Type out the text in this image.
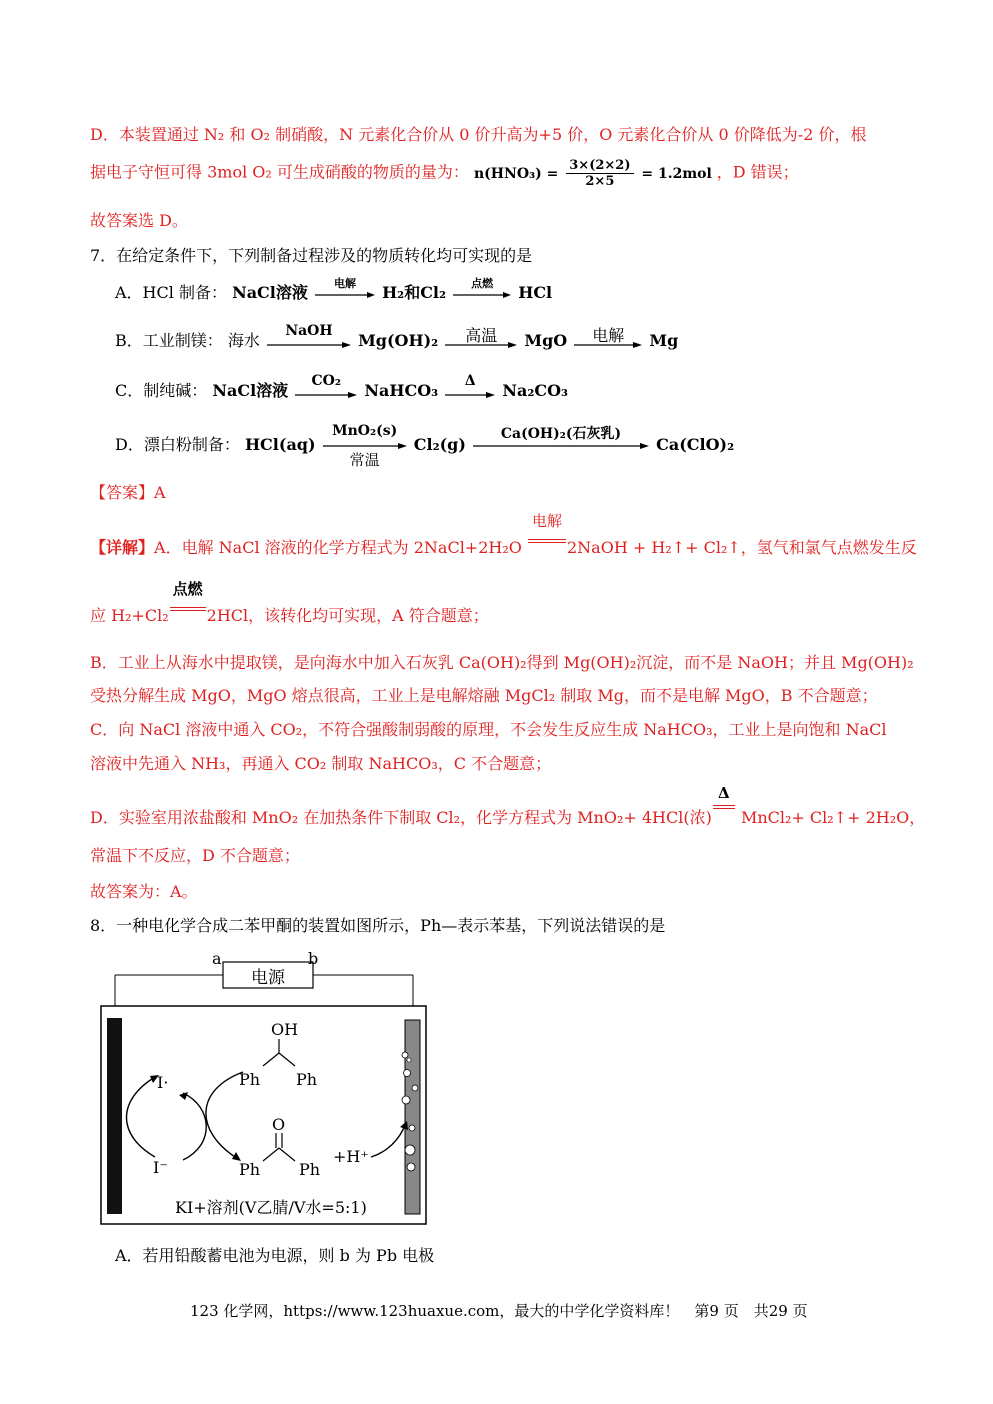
D．本装置通过 N₂ 和 O₂ 制硝酸，N 元素化合价从 0 价升高为+5 价，O 元素化合价从 0 价降低为-2 价，根
据电子守恒可得 3mol O₂ 可生成硝酸的物质的量为： $n(HNO_3) = \frac{3\times(2\times 2)}{2\times 5} = 1.2mol$ ，D 错误；
故答案选 D。
7．在给定条件下，下列制备过程涉及的物质转化均可实现的是
A．HCl 制备： NaCl溶液	电解	H₂和Cl₂	点燃	HCl
B．工业制镁： 海水
NaOH
Mg(OH)₂	高温	MgO	电解	Mg
C．制纯碱： NaCl溶液
CO₂
NaHCO₃
Δ
Na₂CO₃
D．漂白粉制备： HCl(aq)
MnO₂(s)
常温
Cl₂(g)
Ca(OH)₂(石灰乳)
Ca(ClO)₂
【答案】A
【详解】A．电解 NaCl 溶液的化学方程式为 2NaCl+2H₂O
电解
2NaOH + H₂↑+ Cl₂↑，氢气和氯气点燃发生反
应 H₂+Cl₂
点燃
2HCl，该转化均可实现，A 符合题意；
B．工业上从海水中提取镁，是向海水中加入石灰乳 Ca(OH)₂得到 Mg(OH)₂沉淀，而不是 NaOH；并且 Mg(OH)₂
受热分解生成 MgO，MgO 熔点很高，工业上是电解熔融 MgCl₂ 制取 Mg，而不是电解 MgO，B 不合题意；
C．向 NaCl 溶液中通入 CO₂，不符合强酸制弱酸的原理，不会发生反应生成 NaHCO₃，工业上是向饱和 NaCl
溶液中先通入 NH₃，再通入 CO₂ 制取 NaHCO₃，C 不合题意；
D．实验室用浓盐酸和 MnO₂ 在加热条件下制取 Cl₂，化学方程式为 MnO₂+ 4HCl(浓)
Δ
MnCl₂+ Cl₂↑+ 2H₂O，
常温下不反应，D 不合题意；
故答案为：A。
8．一种电化学合成二苯甲酮的装置如图所示，Ph—表示苯基，下列说法错误的是
a	b
电源
OH
Ph Ph
O
Ph Ph
I·
I⁻
+H⁺
KI+溶剂(V乙腈/V水=5:1)
A．若用铅酸蓄电池为电源，则 b 为 Pb 电极
123 化学网，https://www.123huaxue.com，最大的中学化学资料库！　第9 页　共29 页
